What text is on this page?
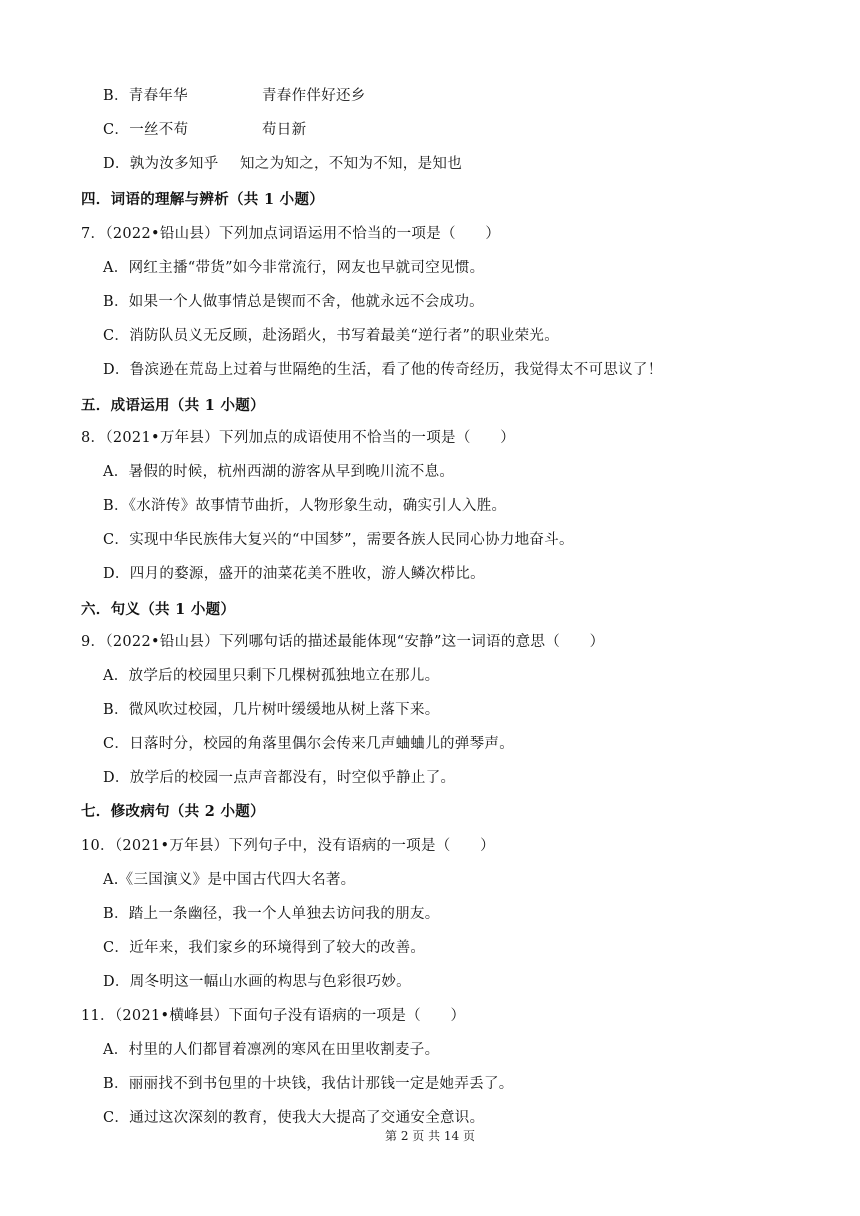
B．青春年华	青春作伴好还乡
C．一丝不苟	苟日新
D．孰为汝多知乎 知之为知之，不知为不知，是知也
四．词语的理解与辨析（共 1 小题）
7．（2022•铅山县）下列加点词语运用不恰当的一项是（　　）
A．网红主播“带货”如今非常流行，网友也早就司空见惯。
B．如果一个人做事情总是锲而不舍，他就永远不会成功。
C．消防队员义无反顾，赴汤蹈火，书写着最美“逆行者”的职业荣光。
D．鲁滨逊在荒岛上过着与世隔绝的生活，看了他的传奇经历，我觉得太不可思议了！
五．成语运用（共 1 小题）
8．（2021•万年县）下列加点的成语使用不恰当的一项是（　　）
A．暑假的时候，杭州西湖的游客从早到晚川流不息。
B．《水浒传》故事情节曲折，人物形象生动，确实引人入胜。
C．实现中华民族伟大复兴的“中国梦”，需要各族人民同心协力地奋斗。
D．四月的婺源，盛开的油菜花美不胜收，游人鳞次栉比。
六．句义（共 1 小题）
9．（2022•铅山县）下列哪句话的描述最能体现“安静”这一词语的意思（　　）
A．放学后的校园里只剩下几棵树孤独地立在那儿。
B．微风吹过校园，几片树叶缓缓地从树上落下来。
C．日落时分，校园的角落里偶尔会传来几声蛐蛐儿的弹琴声。
D．放学后的校园一点声音都没有，时空似乎静止了。
七．修改病句（共 2 小题）
10．（2021•万年县）下列句子中，没有语病的一项是（　　）
A.《三国演义》是中国古代四大名著。
B．踏上一条幽径，我一个人单独去访问我的朋友。
C．近年来，我们家乡的环境得到了较大的改善。
D．周冬明这一幅山水画的构思与色彩很巧妙。
11．（2021•横峰县）下面句子没有语病的一项是（　　）
A．村里的人们都冒着凛冽的寒风在田里收割麦子。
B．丽丽找不到书包里的十块钱，我估计那钱一定是她弄丢了。
C．通过这次深刻的教育，使我大大提高了交通安全意识。
第 2 页 共 14 页
